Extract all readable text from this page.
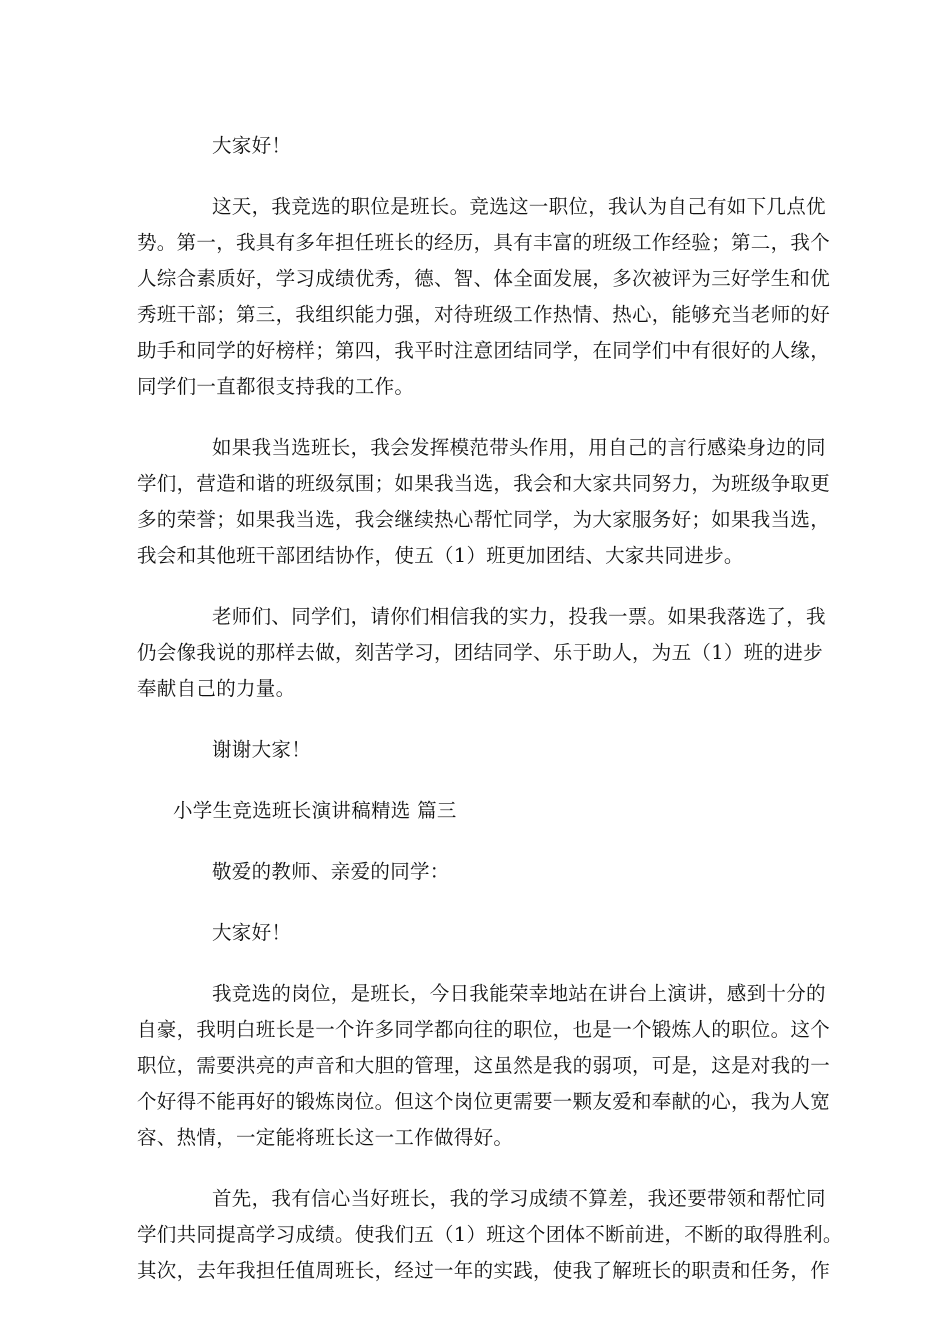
大家好！

这天，我竞选的职位是班长。竞选这一职位，我认为自己有如下几点优
势。第一，我具有多年担任班长的经历，具有丰富的班级工作经验；第二，我个
人综合素质好，学习成绩优秀，德、智、体全面发展，多次被评为三好学生和优
秀班干部；第三，我组织能力强，对待班级工作热情、热心，能够充当老师的好
助手和同学的好榜样；第四，我平时注意团结同学，在同学们中有很好的人缘，
同学们一直都很支持我的工作。

如果我当选班长，我会发挥模范带头作用，用自己的言行感染身边的同
学们，营造和谐的班级氛围；如果我当选，我会和大家共同努力，为班级争取更
多的荣誉；如果我当选，我会继续热心帮忙同学，为大家服务好；如果我当选，
我会和其他班干部团结协作，使五（1）班更加团结、大家共同进步。

老师们、同学们，请你们相信我的实力，投我一票。如果我落选了，我
仍会像我说的那样去做，刻苦学习，团结同学、乐于助人，为五（1）班的进步
奉献自己的力量。

谢谢大家！

小学生竞选班长演讲稿精选 篇三

敬爱的教师、亲爱的同学：

大家好！

我竞选的岗位，是班长，今日我能荣幸地站在讲台上演讲，感到十分的
自豪，我明白班长是一个许多同学都向往的职位，也是一个锻炼人的职位。这个
职位，需要洪亮的声音和大胆的管理，这虽然是我的弱项，可是，这是对我的一
个好得不能再好的锻炼岗位。但这个岗位更需要一颗友爱和奉献的心，我为人宽
容、热情，一定能将班长这一工作做得好。

首先，我有信心当好班长，我的学习成绩不算差，我还要带领和帮忙同
学们共同提高学习成绩。使我们五（1）班这个团体不断前进，不断的取得胜利。
其次，去年我担任值周班长，经过一年的实践，使我了解班长的职责和任务，作
